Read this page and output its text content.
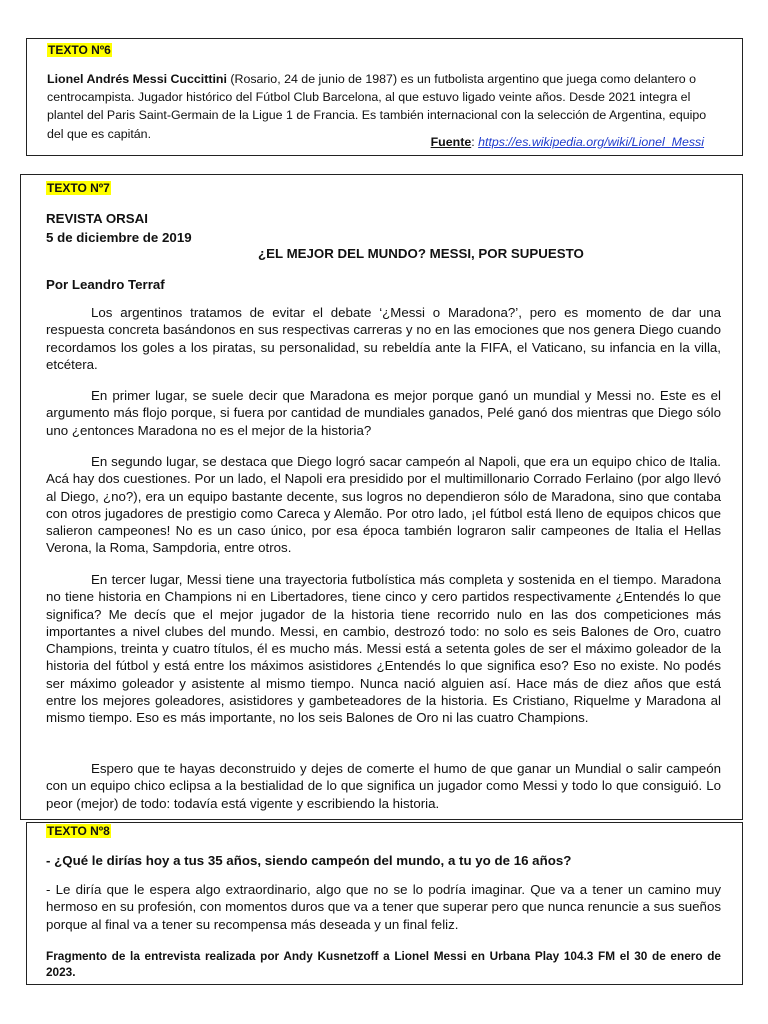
TEXTO Nº6

Lionel Andrés Messi Cuccittini (Rosario, 24 de junio de 1987) es un futbolista argentino que juega como delantero o centrocampista. Jugador histórico del Fútbol Club Barcelona, al que estuvo ligado veinte años. Desde 2021 integra el plantel del Paris Saint-Germain de la Ligue 1 de Francia. Es también internacional con la selección de Argentina, equipo del que es capitán.

Fuente: https://es.wikipedia.org/wiki/Lionel_Messi
TEXTO Nº7
REVISTA ORSAI
5 de diciembre de 2019
¿EL MEJOR DEL MUNDO? MESSI, POR SUPUESTO
Por Leandro Terraf

Los argentinos tratamos de evitar el debate ‘¿Messi o Maradona?’, pero es momento de dar una respuesta concreta basándonos en sus respectivas carreras y no en las emociones que nos genera Diego cuando recordamos los goles a los piratas, su personalidad, su rebeldía ante la FIFA, el Vaticano, su infancia en la villa, etcétera.

En primer lugar, se suele decir que Maradona es mejor porque ganó un mundial y Messi no. Este es el argumento más flojo porque, si fuera por cantidad de mundiales ganados, Pelé ganó dos mientras que Diego sólo uno ¿entonces Maradona no es el mejor de la historia?

En segundo lugar, se destaca que Diego logró sacar campeón al Napoli, que era un equipo chico de Italia. Acá hay dos cuestiones. Por un lado, el Napoli era presidido por el multimillonario Corrado Ferlaino (por algo llevó al Diego, ¿no?), era un equipo bastante decente, sus logros no dependieron sólo de Maradona, sino que contaba con otros jugadores de prestigio como Careca y Alemão. Por otro lado, ¡el fútbol está lleno de equipos chicos que salieron campeones! No es un caso único, por esa época también lograron salir campeones de Italia el Hellas Verona, la Roma, Sampdoria, entre otros.

En tercer lugar, Messi tiene una trayectoria futbolística más completa y sostenida en el tiempo. Maradona no tiene historia en Champions ni en Libertadores, tiene cinco y cero partidos respectivamente ¿Entendés lo que significa? Me decís que el mejor jugador de la historia tiene recorrido nulo en las dos competiciones más importantes a nivel clubes del mundo. Messi, en cambio, destrozó todo: no solo es seis Balones de Oro, cuatro Champions, treinta y cuatro títulos, él es mucho más. Messi está a setenta goles de ser el máximo goleador de la historia del fútbol y está entre los máximos asistidores ¿Entendés lo que significa eso? Eso no existe. No podés ser máximo goleador y asistente al mismo tiempo. Nunca nació alguien así. Hace más de diez años que está entre los mejores goleadores, asistidores y gambeteadores de la historia. Es Cristiano, Riquelme y Maradona al mismo tiempo. Eso es más importante, no los seis Balones de Oro ni las cuatro Champions.

Espero que te hayas deconstruido y dejes de comerte el humo de que ganar un Mundial o salir campeón con un equipo chico eclipsa a la bestialidad de lo que significa un jugador como Messi y todo lo que consiguió. Lo peor (mejor) de todo: todavía está vigente y escribiendo la historia.

TEXTO Nº8
- ¿Qué le dirías hoy a tus 35 años, siendo campeón del mundo, a tu yo de 16 años?

- Le diría que le espera algo extraordinario, algo que no se lo podría imaginar. Que va a tener un camino muy hermoso en su profesión, con momentos duros que va a tener que superar pero que nunca renuncie a sus sueños porque al final va a tener su recompensa más deseada y un final feliz.

Fragmento de la entrevista realizada por Andy Kusnetzoff a Lionel Messi en Urbana Play 104.3 FM el 30 de enero de 2023.
